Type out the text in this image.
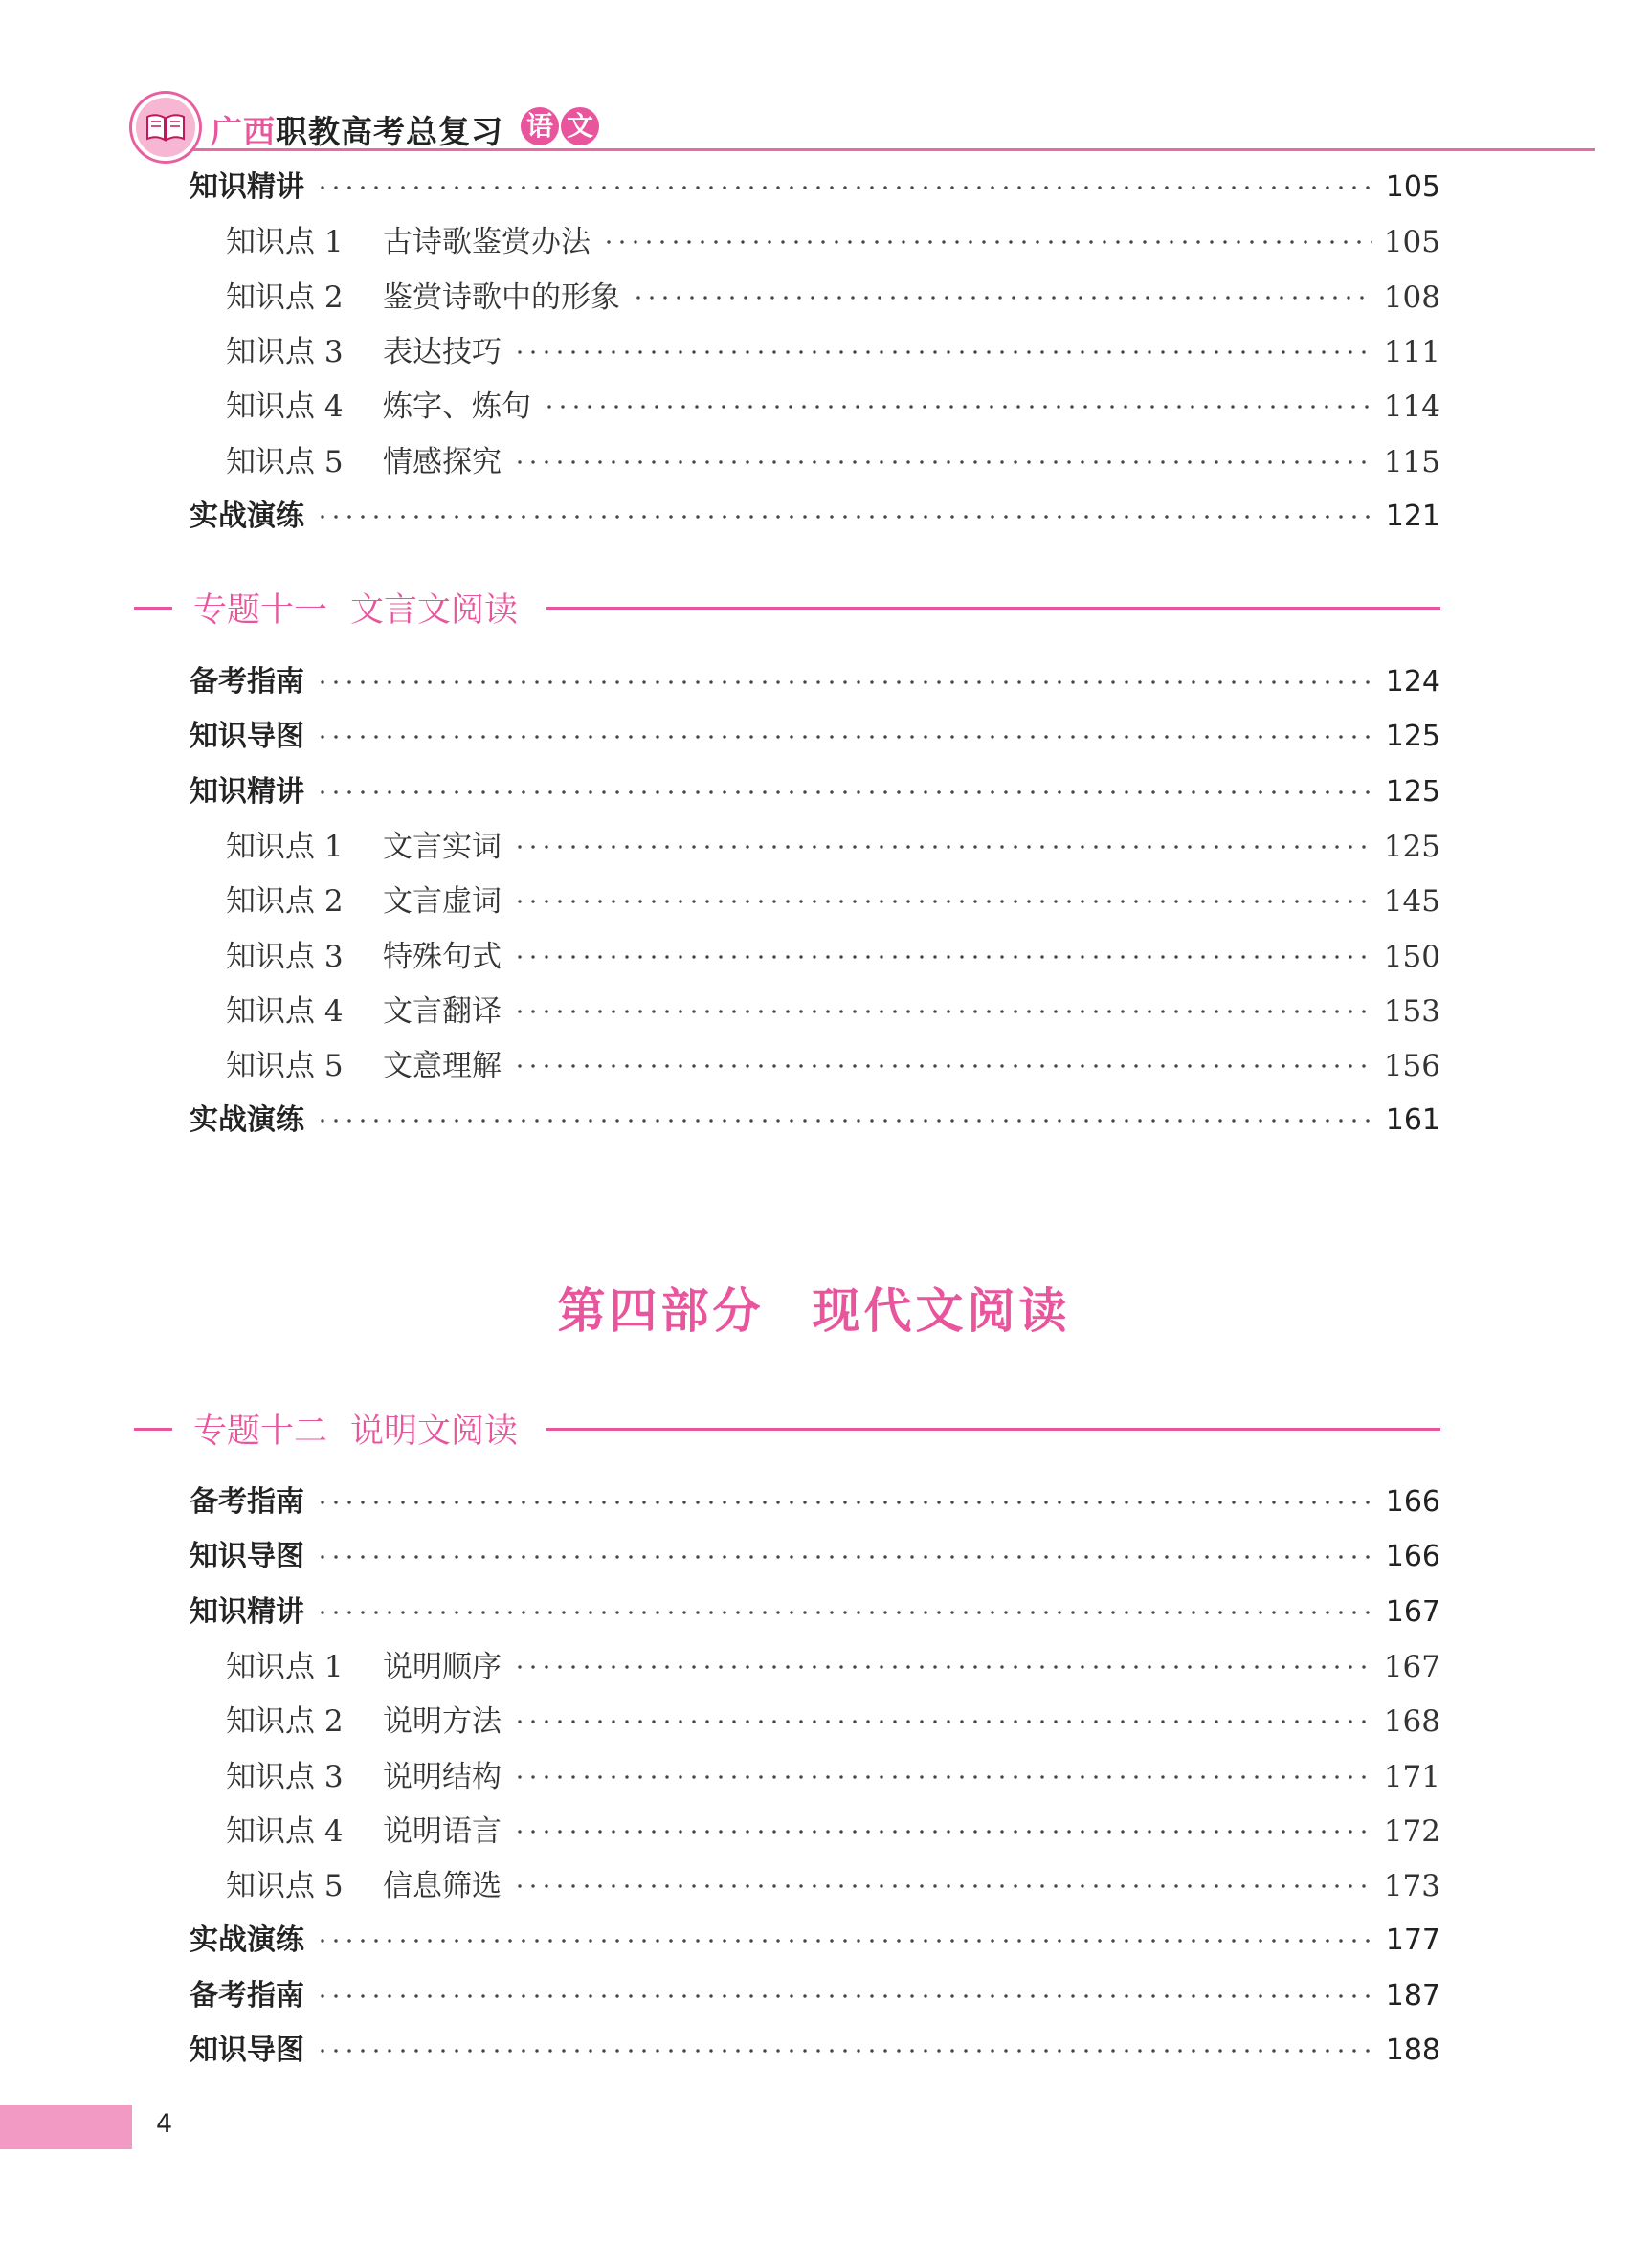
广西职教高考总复习 语 文
专题十一 文言文阅读
第四部分 现代文阅读
专题十二 说明文阅读
知识精讲	105
知识点 1	古诗歌鉴赏办法	105
知识点 2	鉴赏诗歌中的形象	108
知识点 3	表达技巧	111
知识点 4	炼字、炼句	114
知识点 5	情感探究	115
实战演练	121
备考指南	124
知识导图	125
知识精讲	125
知识点 1	文言实词	125
知识点 2	文言虚词	145
知识点 3	特殊句式	150
知识点 4	文言翻译	153
知识点 5	文意理解	156
实战演练	161
备考指南	166
知识导图	166
知识精讲	167
知识点 1	说明顺序	167
知识点 2	说明方法	168
知识点 3	说明结构	171
知识点 4	说明语言	172
知识点 5	信息筛选	173
实战演练	177
备考指南	187
知识导图	188
4
